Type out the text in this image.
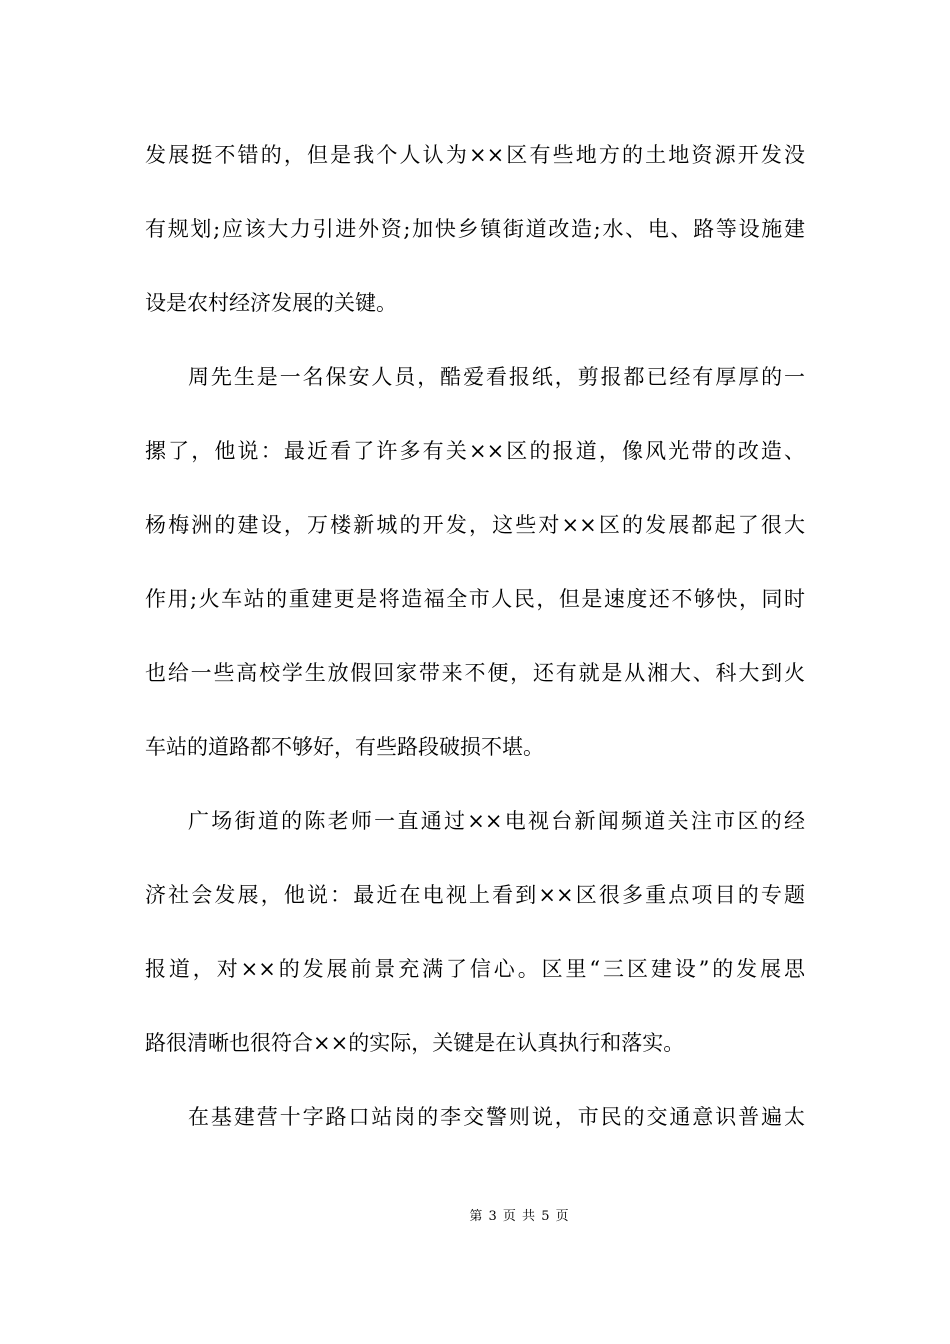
发展挺不错的，但是我个人认为××区有些地方的土地资源开发没
有规划;应该大力引进外资;加快乡镇街道改造;水、电、路等设施建
设是农村经济发展的关键。
周先生是一名保安人员，酷爱看报纸，剪报都已经有厚厚的一
摞了，他说：最近看了许多有关××区的报道，像风光带的改造、
杨梅洲的建设，万楼新城的开发，这些对××区的发展都起了很大
作用;火车站的重建更是将造福全市人民，但是速度还不够快，同时
也给一些高校学生放假回家带来不便，还有就是从湘大、科大到火
车站的道路都不够好，有些路段破损不堪。
广场街道的陈老师一直通过××电视台新闻频道关注市区的经
济社会发展，他说：最近在电视上看到××区很多重点项目的专题
报道，对××的发展前景充满了信心。区里“三区建设”的发展思
路很清晰也很符合××的实际，关键是在认真执行和落实。
在基建营十字路口站岗的李交警则说，市民的交通意识普遍太
第 3 页 共 5 页
